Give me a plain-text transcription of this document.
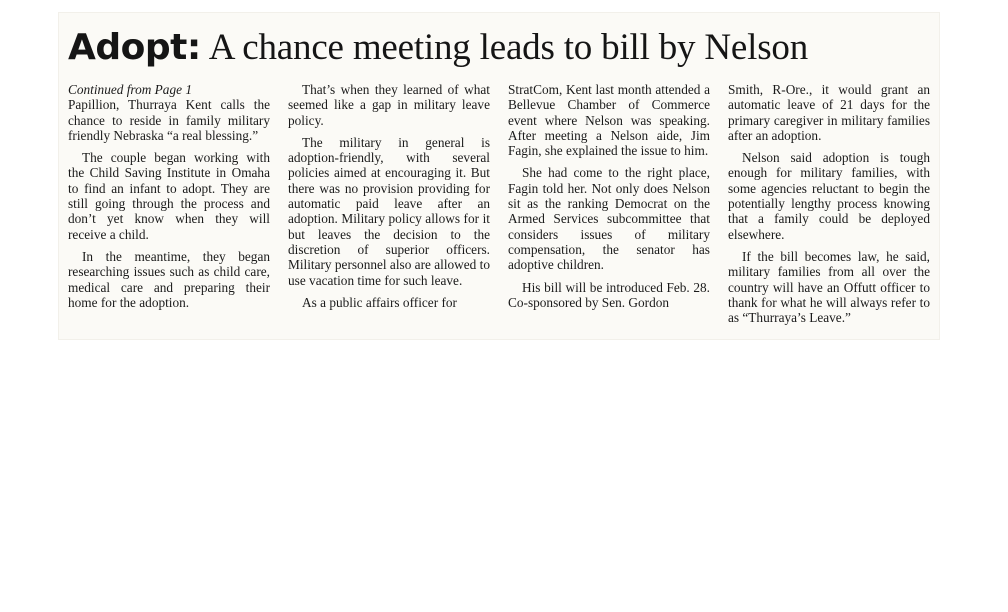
Adopt: A chance meeting leads to bill by Nelson
Continued from Page 1

Papillion, Thurraya Kent calls the chance to reside in family military friendly Nebraska “a real blessing.”

The couple began working with the Child Saving Institute in Omaha to find an infant to adopt. They are still going through the process and don’t yet know when they will receive a child.

In the meantime, they began researching issues such as child care, medical care and preparing their home for the adoption.

That’s when they learned of what seemed like a gap in military leave policy.

The military in general is adoption-friendly, with several policies aimed at encouraging it. But there was no provision providing for automatic paid leave after an adoption. Military policy allows for it but leaves the decision to the discretion of superior officers. Military personnel also are allowed to use vacation time for such leave.

As a public affairs officer for

StratCom, Kent last month attended a Bellevue Chamber of Commerce event where Nelson was speaking. After meeting a Nelson aide, Jim Fagin, she explained the issue to him.

She had come to the right place, Fagin told her. Not only does Nelson sit as the ranking Democrat on the Armed Services subcommittee that considers issues of military compensation, the senator has adoptive children.

His bill will be introduced Feb. 28. Co-sponsored by Sen. Gordon

Smith, R-Ore., it would grant an automatic leave of 21 days for the primary caregiver in military families after an adoption.

Nelson said adoption is tough enough for military families, with some agencies reluctant to begin the potentially lengthy process knowing that a family could be deployed elsewhere.

If the bill becomes law, he said, military families from all over the country will have an Offutt officer to thank for what he will always refer to as “Thurraya’s Leave.”
